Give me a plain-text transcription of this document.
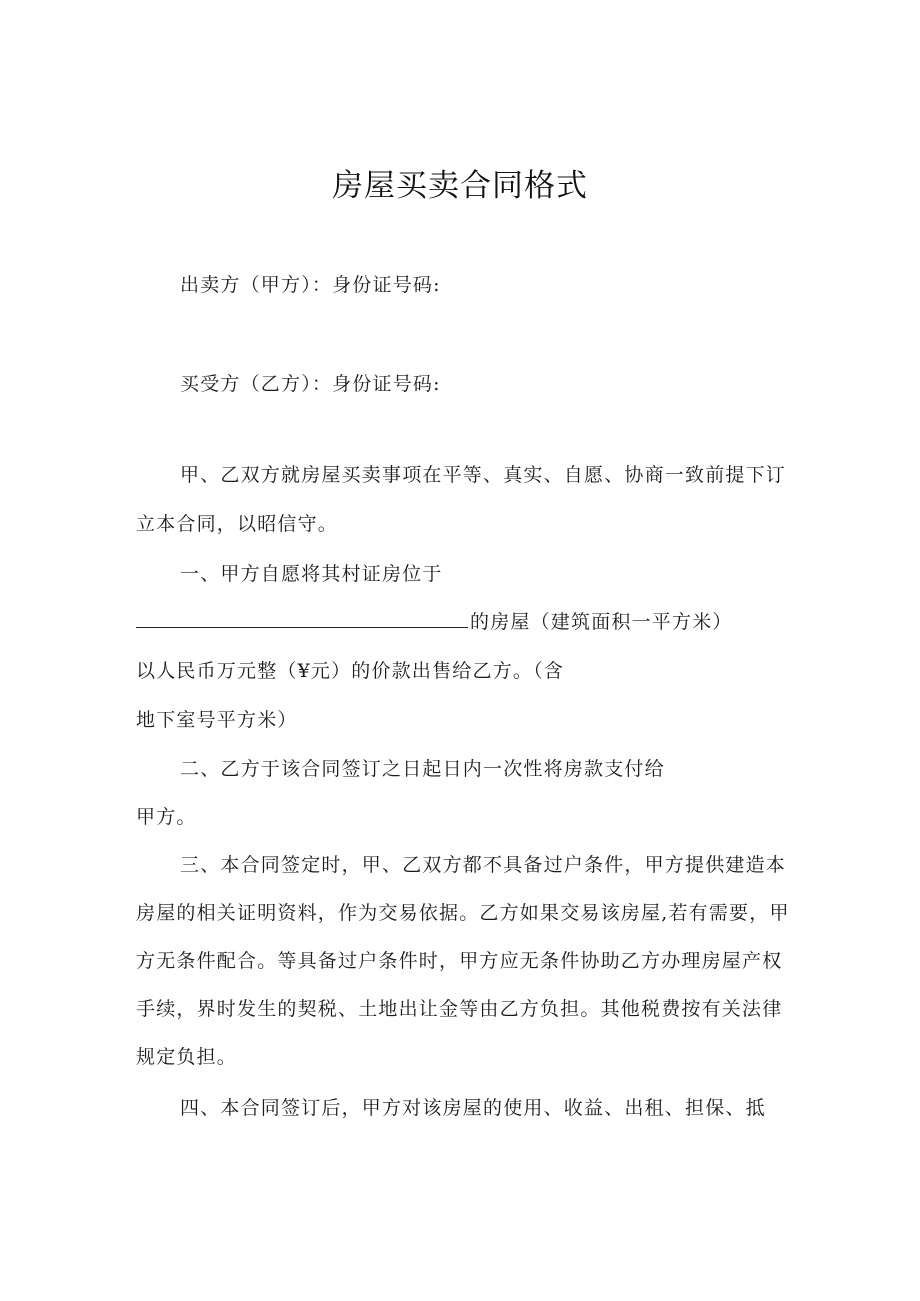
房屋买卖合同格式
出卖方（甲方）：身份证号码:
买受方（乙方）：身份证号码:
甲、乙双方就房屋买卖事项在平等、真实、自愿、协商一致前提下订
立本合同，以昭信守。
一、甲方自愿将其村证房位于
的房屋（建筑面积一平方米）
以人民币万元整（¥元）的价款出售给乙方。（含
地下室号平方米）
二、乙方于该合同签订之日起日内一次性将房款支付给
甲方。
三、本合同签定时，甲、乙双方都不具备过户条件，甲方提供建造本
房屋的相关证明资料，作为交易依据。乙方如果交易该房屋,若有需要，甲
方无条件配合。等具备过户条件时，甲方应无条件协助乙方办理房屋产权
手续，界时发生的契税、土地出让金等由乙方负担。其他税费按有关法律
规定负担。
四、本合同签订后，甲方对该房屋的使用、收益、出租、担保、抵
